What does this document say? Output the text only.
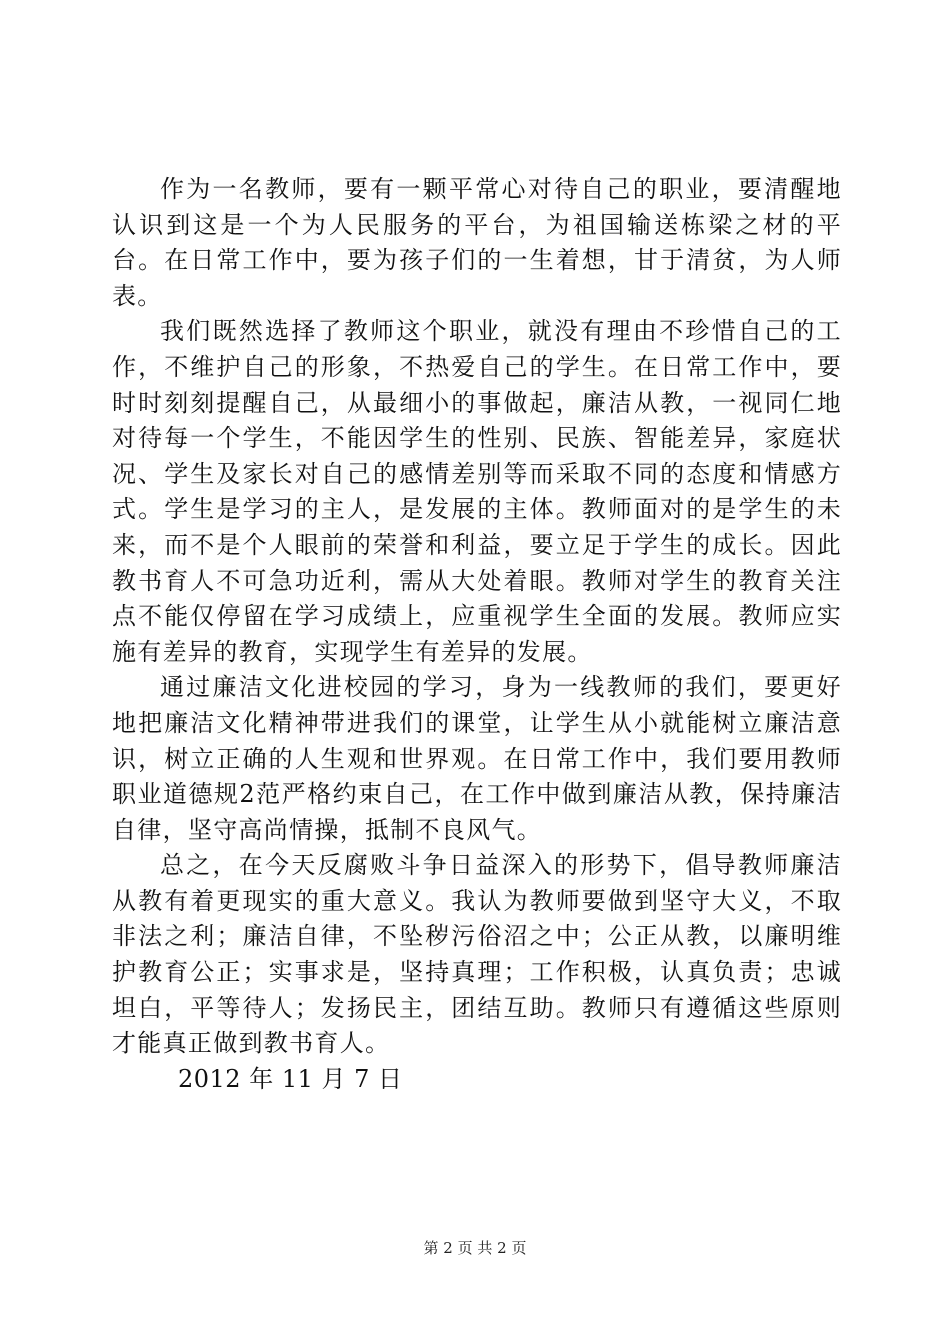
作为一名教师，要有一颗平常心对待自己的职业，要清醒地认识到这是一个为人民服务的平台，为祖国输送栋梁之材的平台。在日常工作中，要为孩子们的一生着想，甘于清贫，为人师表。

我们既然选择了教师这个职业，就没有理由不珍惜自己的工作，不维护自己的形象，不热爱自己的学生。在日常工作中，要时时刻刻提醒自己，从最细小的事做起，廉洁从教，一视同仁地对待每一个学生，不能因学生的性别、民族、智能差异，家庭状况、学生及家长对自己的感情差别等而采取不同的态度和情感方式。学生是学习的主人，是发展的主体。教师面对的是学生的未来，而不是个人眼前的荣誉和利益，要立足于学生的成长。因此教书育人不可急功近利，需从大处着眼。教师对学生的教育关注点不能仅停留在学习成绩上，应重视学生全面的发展。教师应实施有差异的教育，实现学生有差异的发展。

通过廉洁文化进校园的学习，身为一线教师的我们，要更好地把廉洁文化精神带进我们的课堂，让学生从小就能树立廉洁意识，树立正确的人生观和世界观。在日常工作中，我们要用教师职业道德规2范严格约束自己，在工作中做到廉洁从教，保持廉洁自律，坚守高尚情操，抵制不良风气。

总之，在今天反腐败斗争日益深入的形势下，倡导教师廉洁从教有着更现实的重大意义。我认为教师要做到坚守大义，不取非法之利；廉洁自律，不坠秽污俗沼之中；公正从教，以廉明维护教育公正；实事求是，坚持真理；工作积极，认真负责；忠诚坦白，平等待人；发扬民主，团结互助。教师只有遵循这些原则才能真正做到教书育人。

2012 年 11 月 7 日

第 2 页 共 2 页
